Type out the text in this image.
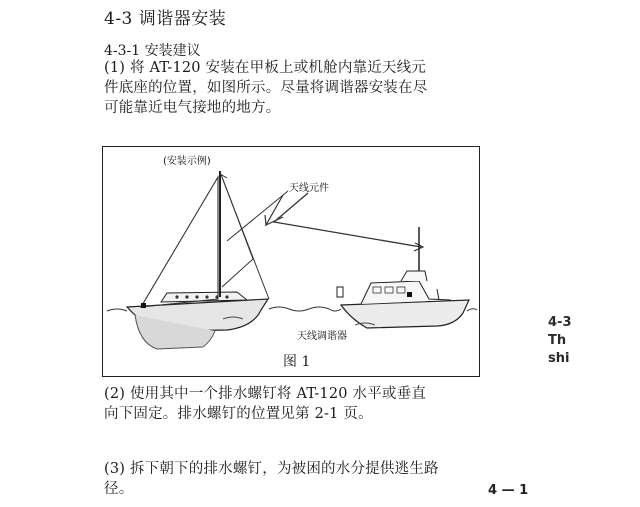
4-3 调谐器安装
4-3-1 安装建议
(1) 将 AT-120 安装在甲板上或机舱内靠近天线元
件底座的位置，如图所示。尽量将调谐器安装在尽
可能靠近电气接地的地方。
(安装示例)
天线元件
天线调谐器
图 1
(2) 使用其中一个排水螺钉将 AT-120 水平或垂直
向下固定。排水螺钉的位置见第 2-1 页。
(3) 拆下朝下的排水螺钉，为被困的水分提供逃生路
径。
4-3
Th
shi
4 — 1
